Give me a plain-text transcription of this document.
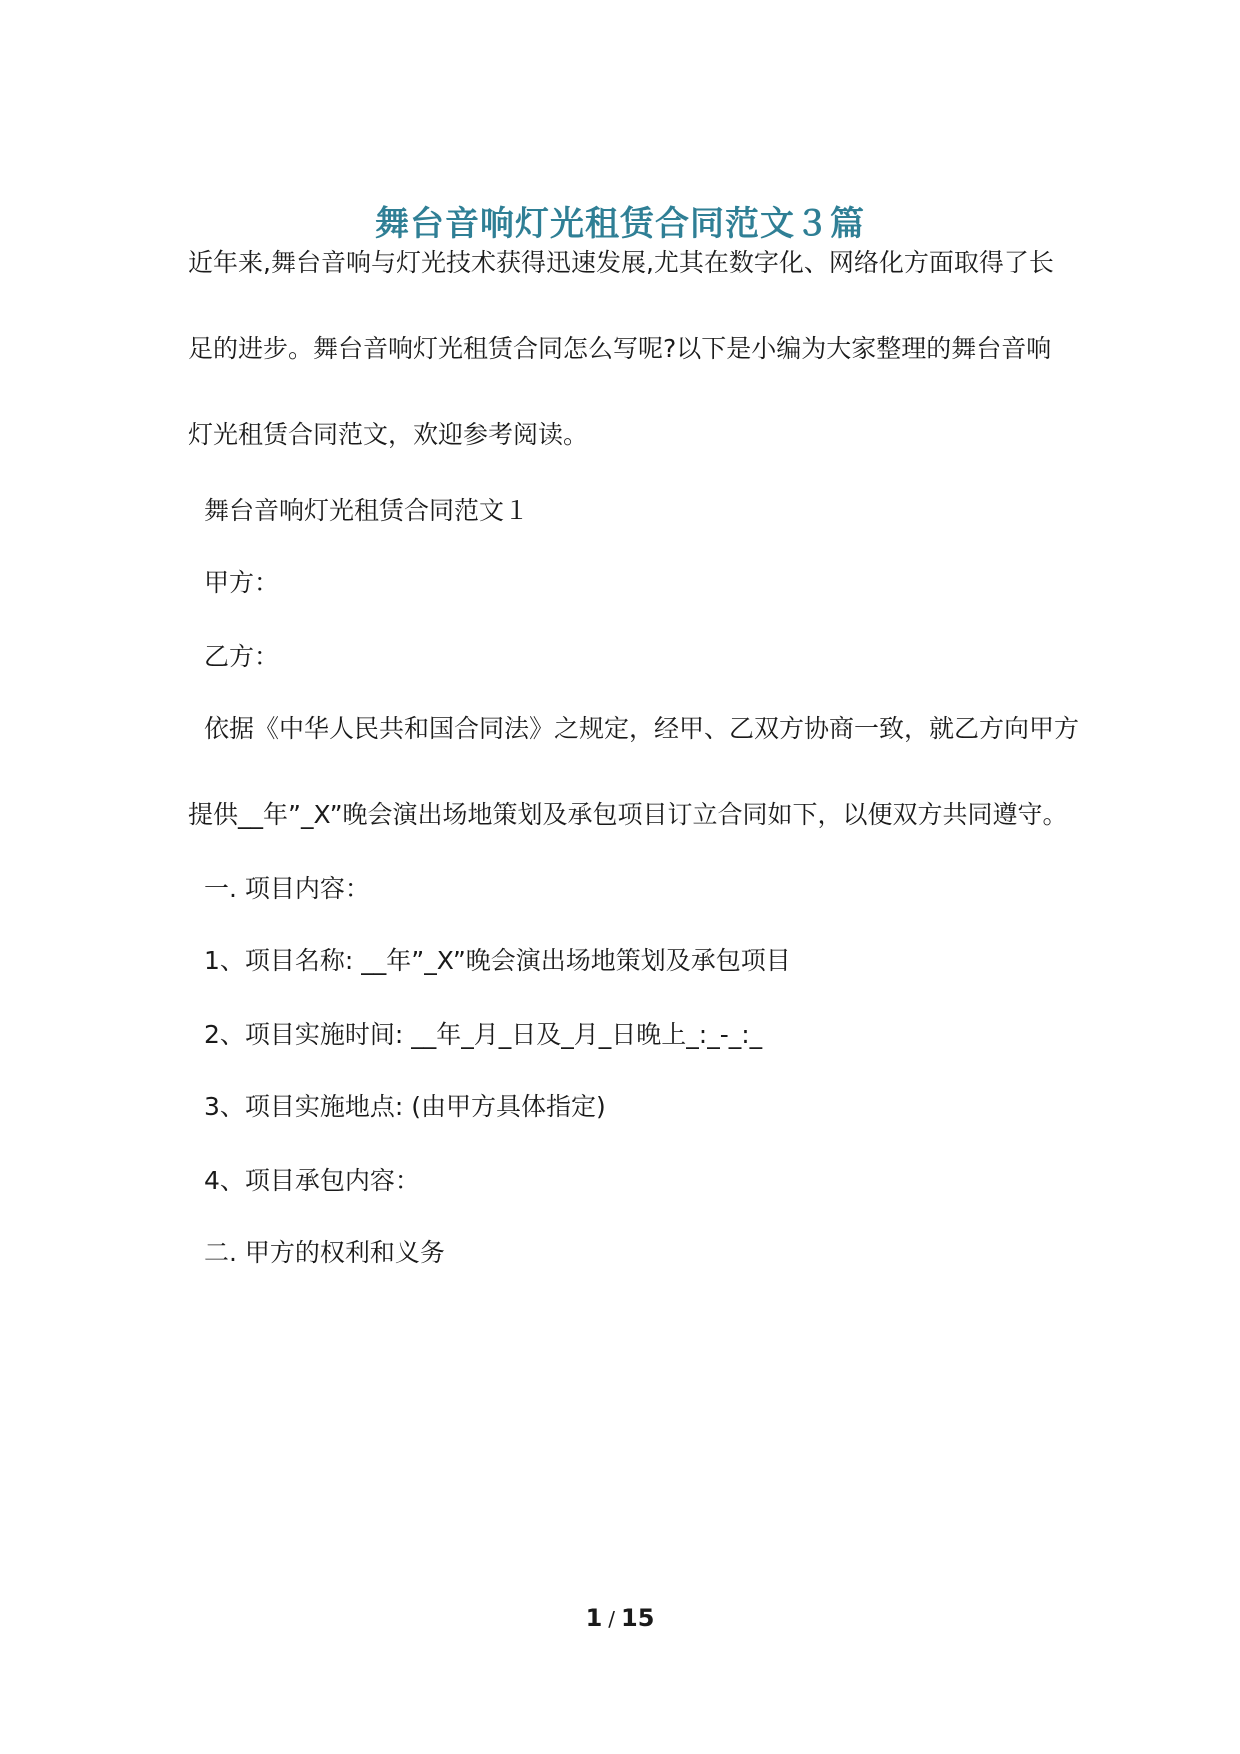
舞台音响灯光租赁合同范文３篇
近年来,舞台音响与灯光技术获得迅速发展,尤其在数字化、网络化方面取得了长
足的进步。舞台音响灯光租赁合同怎么写呢?以下是小编为大家整理的舞台音响
灯光租赁合同范文，欢迎参考阅读。
舞台音响灯光租赁合同范文１
甲方：
乙方：
依据《中华人民共和国合同法》之规定，经甲、乙双方协商一致，就乙方向甲方
提供__年”_X”晚会演出场地策划及承包项目订立合同如下，以便双方共同遵守。
一. 项目内容：
1、项目名称: __年”_X”晚会演出场地策划及承包项目
2、项目实施时间: __年_月_日及_月_日晚上_:_-_:_
3、项目实施地点: (由甲方具体指定)
4、项目承包内容：
二. 甲方的权利和义务
1 / 15
